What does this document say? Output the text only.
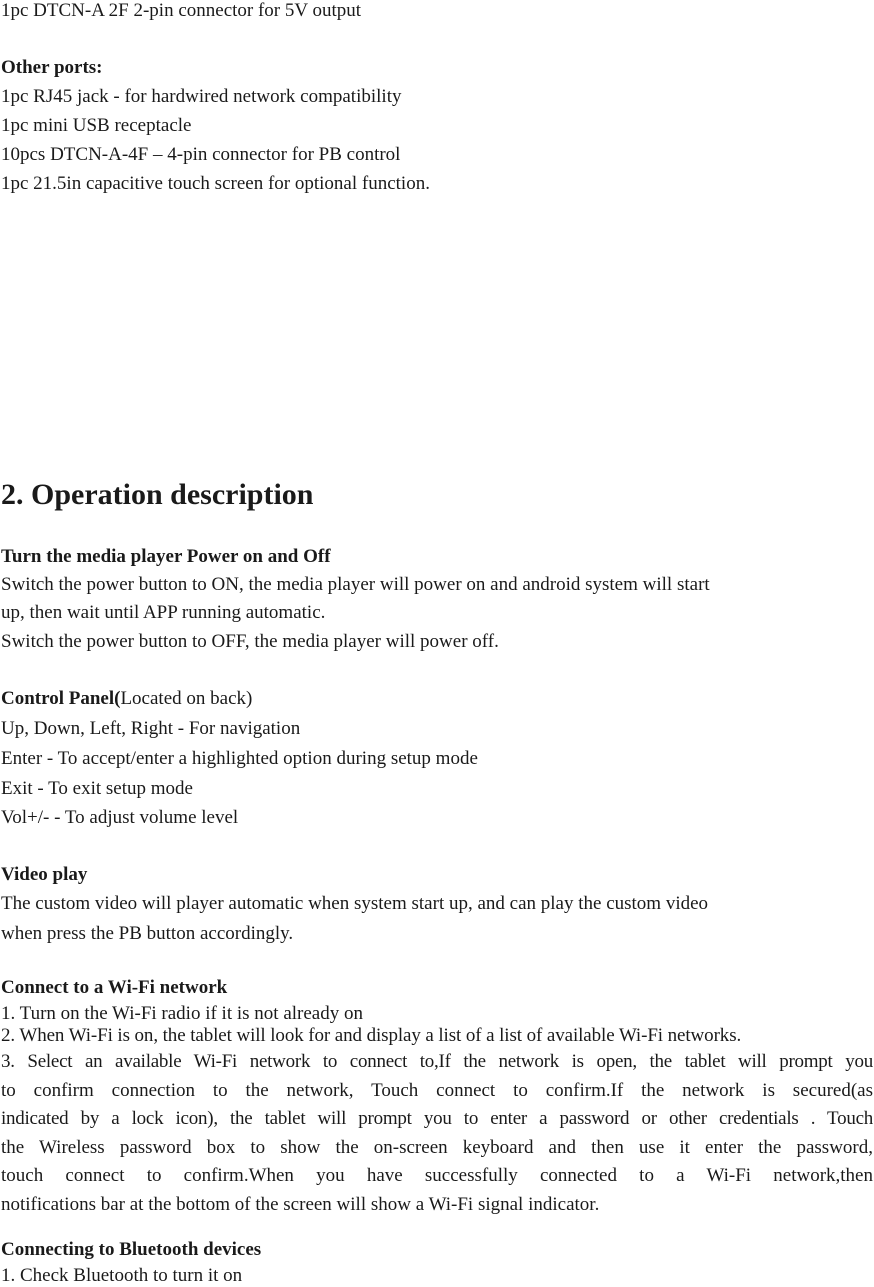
1pc DTCN-A 2F 2-pin connector for 5V output
Other ports:
1pc RJ45 jack - for hardwired network compatibility
1pc mini USB receptacle
10pcs DTCN-A-4F – 4-pin connector for PB control
1pc 21.5in capacitive touch screen for optional function.
2. Operation description
Turn the media player Power on and Off
Switch the power button to ON, the media player will power on and android system will start
up, then wait until APP running automatic.
Switch the power button to OFF, the media player will power off.
Control Panel(Located on back)
Up, Down, Left, Right - For navigation
Enter - To accept/enter a highlighted option during setup mode
Exit - To exit setup mode
Vol+/- - To adjust volume level
Video play
The custom video will player automatic when system start up, and can play the custom video
when press the PB button accordingly.
Connect to a Wi-Fi network
1. Turn on the Wi-Fi radio if it is not already on
2. When Wi-Fi is on, the tablet will look for and display a list of a list of available Wi-Fi networks.

3. Select an available Wi-Fi network to connect to,If the network is open, the tablet will prompt you

to confirm connection to the network, Touch connect to confirm.If the network is secured(as

indicated by a lock icon), the tablet will prompt you to enter a password or other credentials . Touch

the Wireless password box to show the on-screen keyboard and then use it enter the password,

touch connect to confirm.When you have successfully connected to a Wi-Fi network,then

notifications bar at the bottom of the screen will show a Wi-Fi signal indicator.

Connecting to Bluetooth devices
1. Check Bluetooth to turn it on
